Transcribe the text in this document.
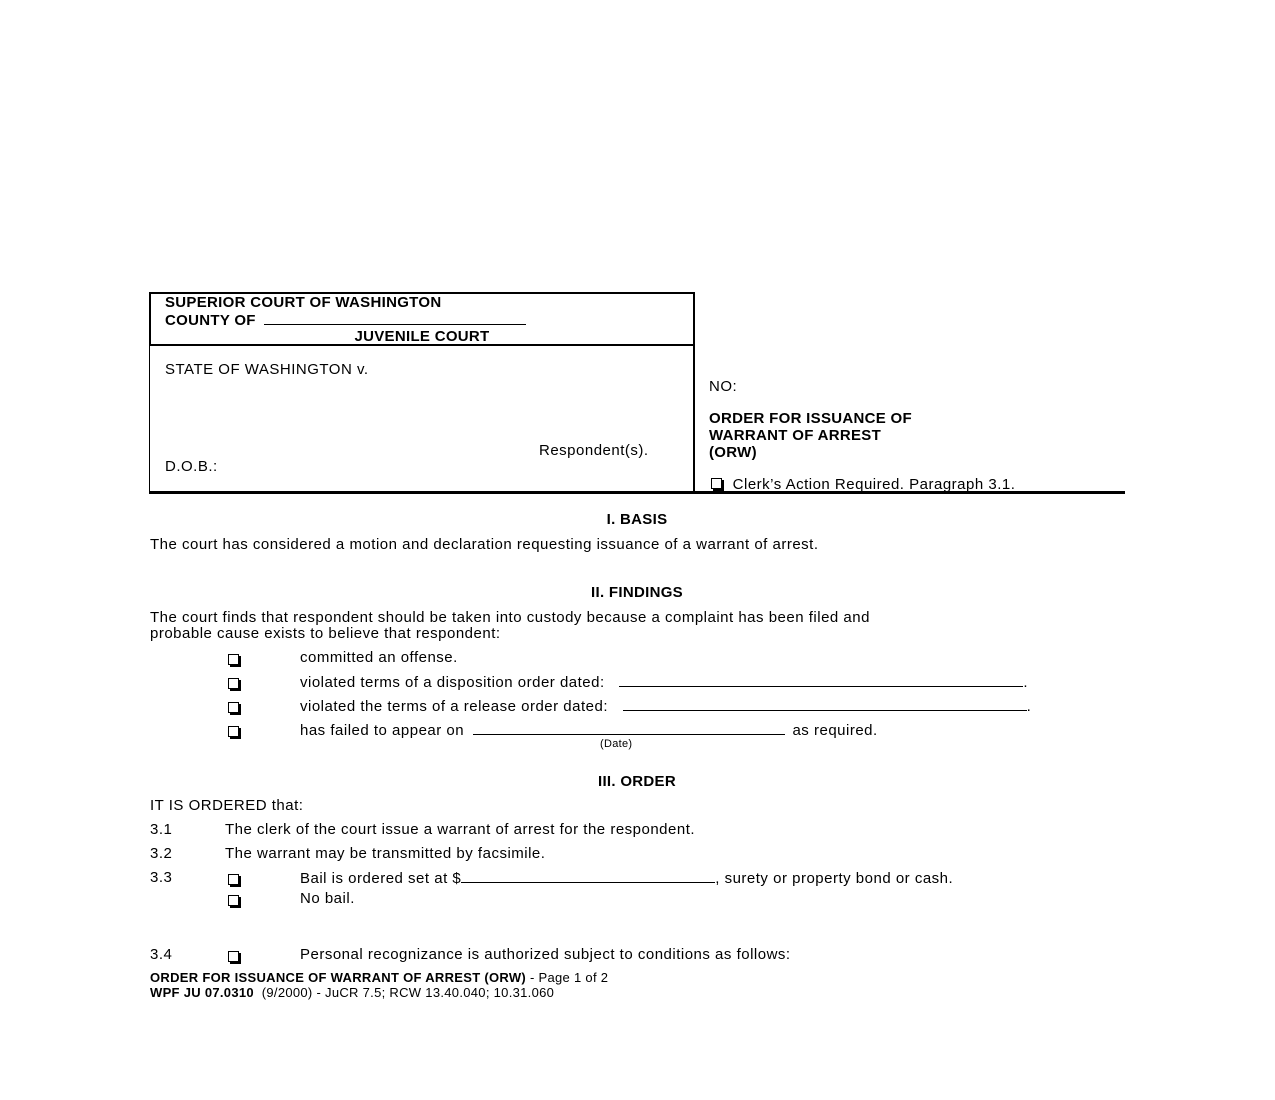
SUPERIOR COURT OF WASHINGTON
COUNTY OF
JUVENILE COURT
STATE OF WASHINGTON v.
Respondent(s).
D.O.B.:
NO:
ORDER FOR ISSUANCE OF
WARRANT OF ARREST
(ORW)
Clerk’s Action Required. Paragraph 3.1.
I. BASIS
The court has considered a motion and declaration requesting issuance of a warrant of arrest.
II. FINDINGS
The court finds that respondent should be taken into custody because a complaint has been filed and
probable cause exists to believe that respondent:
committed an offense.
violated terms of a disposition order dated:	.
violated the terms of a release order dated:	.
has failed to appear on	as required.
(Date)
III. ORDER
IT IS ORDERED that:
3.1	The clerk of the court issue a warrant of arrest for the respondent.
3.2	The warrant may be transmitted by facsimile.
3.3	Bail is ordered set at $	, surety or property bond or cash.
No bail.
3.4	Personal recognizance is authorized subject to conditions as follows:
ORDER FOR ISSUANCE OF WARRANT OF ARREST (ORW) - Page 1 of 2
WPF JU 07.0310  (9/2000) - JuCR 7.5; RCW 13.40.040; 10.31.060
